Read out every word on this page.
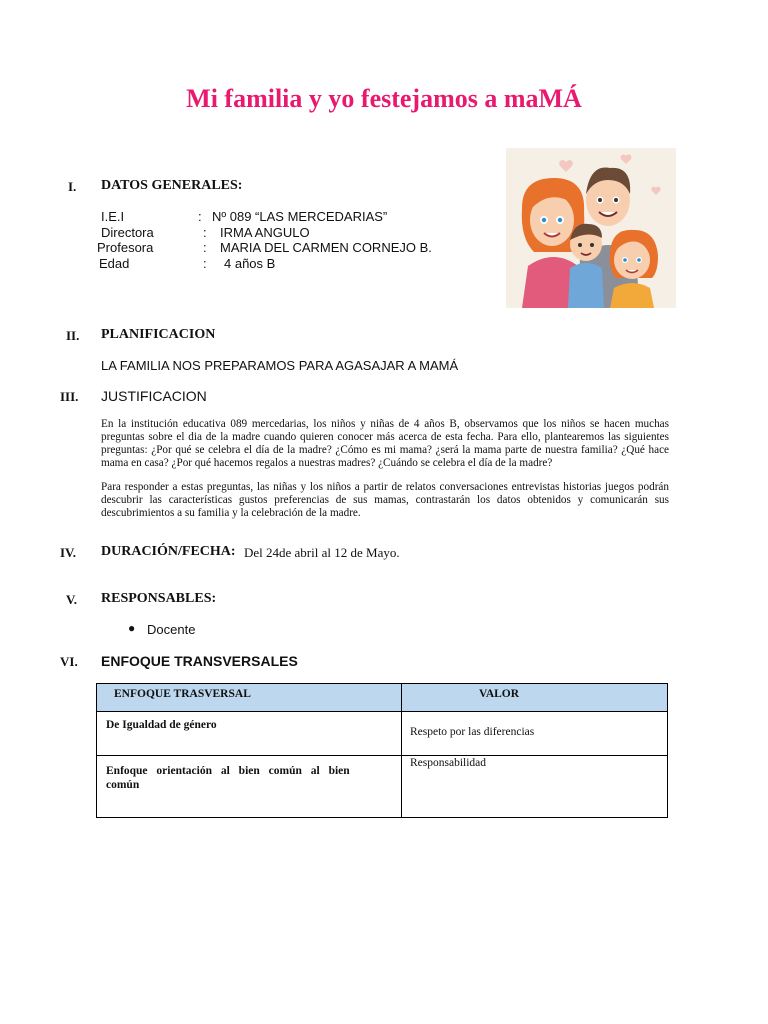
Mi familia y yo festejamos a maMÁ
I. DATOS GENERALES:
I.E.I	: Nº 089 “LAS MERCEDARIAS”
Directora	: IRMA ANGULO
Profesora	: MARIA DEL CARMEN CORNEJO B.
Edad	: 4 años B
II. PLANIFICACION
LA FAMILIA NOS PREPARAMOS PARA AGASAJAR A MAMÁ
III. JUSTIFICACION
En la institución educativa 089 mercedarias, los niños y niñas de 4 años B, observamos que los niños se hacen muchas preguntas sobre el dia de la madre cuando quieren conocer más acerca de esta fecha. Para ello, plantearemos las siguientes preguntas: ¿Por qué se celebra el día de la madre? ¿Cómo es mi mama? ¿será la mama parte de nuestra familia? ¿Qué hace mama en casa? ¿Por qué hacemos regalos a nuestras madres? ¿Cuándo se celebra el día de la madre?
Para responder a estas preguntas, las niñas y los niños a partir de relatos conversaciones entrevistas historias juegos podrán descubrir las características gustos preferencias de sus mamas, contrastarán los datos obtenidos y comunicarán sus descubrimientos a su familia y la celebración de la madre.
IV. DURACIÓN/FECHA: Del 24de abril al 12 de Mayo.
V. RESPONSABLES:
● Docente
VI. ENFOQUE TRANSVERSALES
ENFOQUE TRASVERSAL	VALOR
De Igualdad de género	Respeto por las diferencias
Enfoque orientación al bien común al bien común	Responsabilidad
